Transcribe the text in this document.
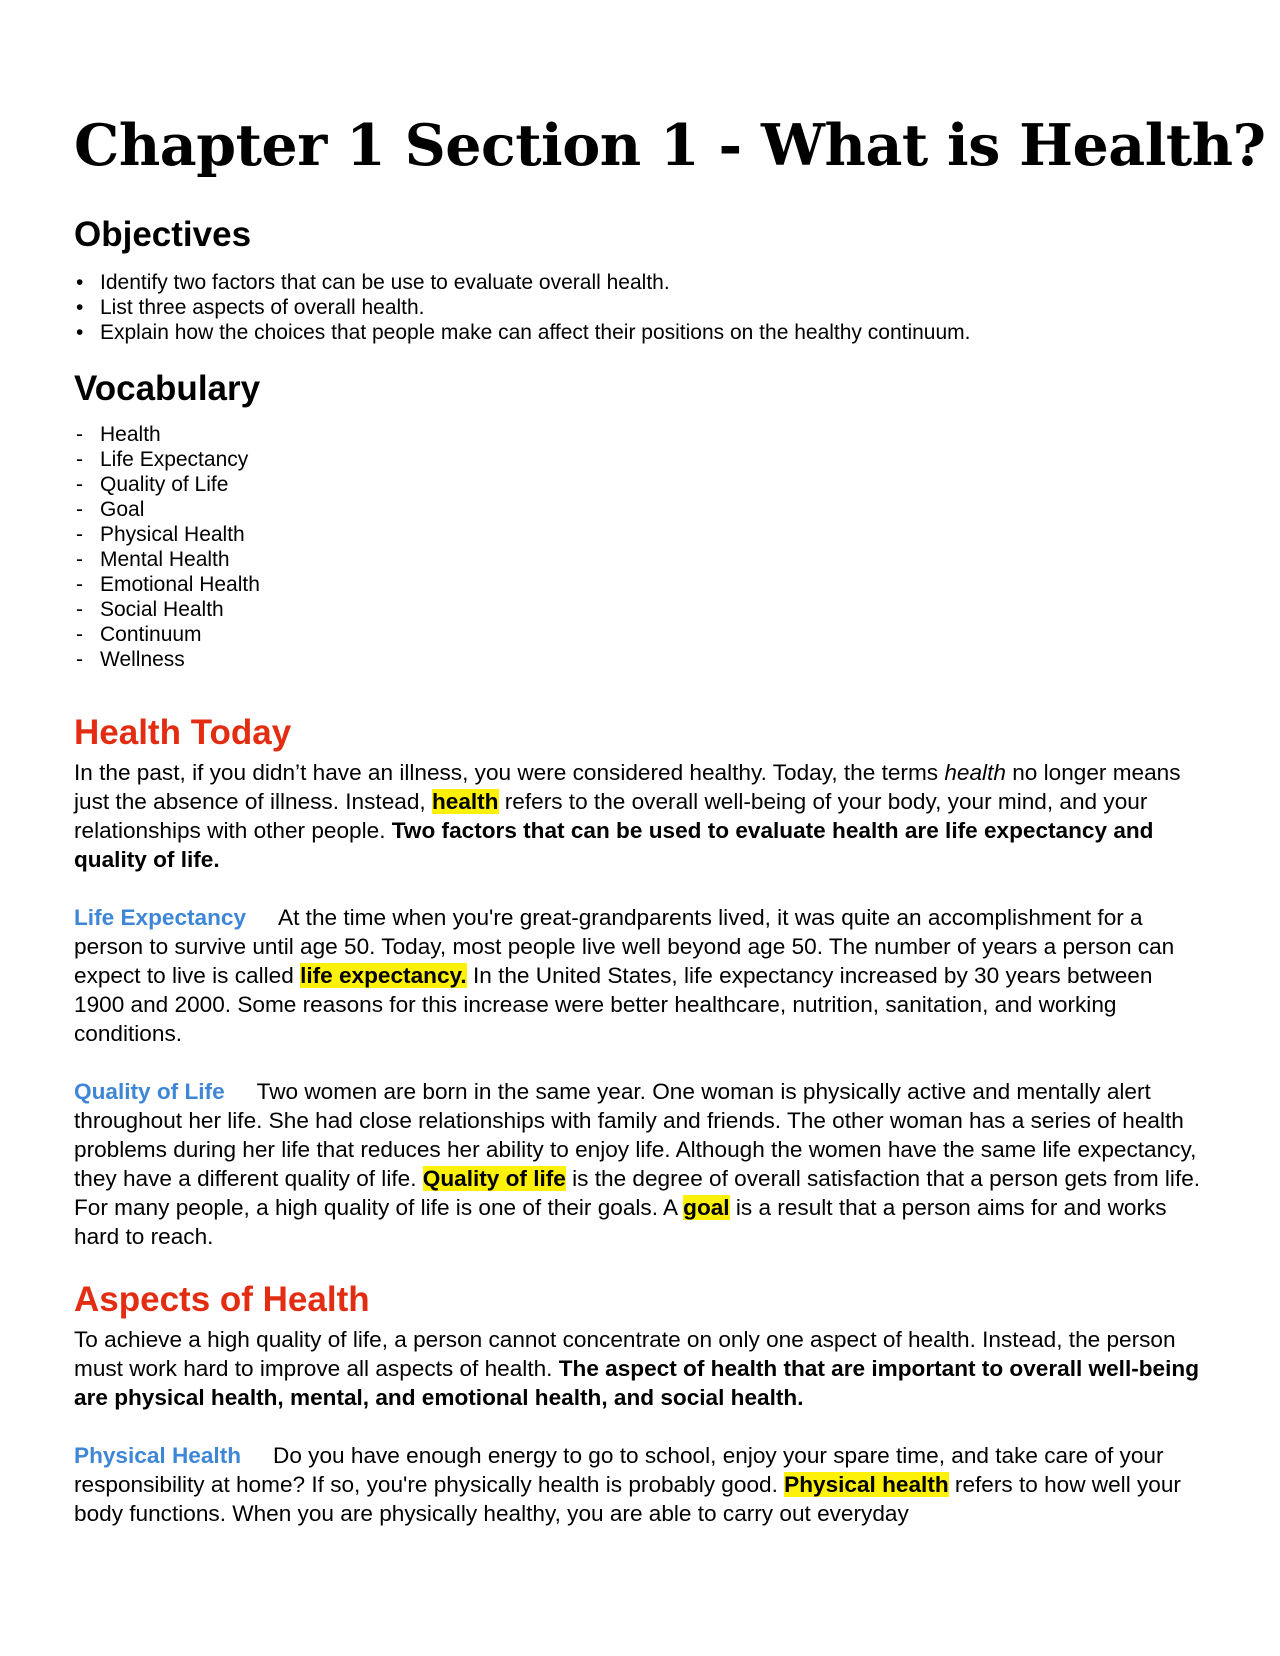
Chapter 1 Section 1 - What is Health?
Objectives
• Identify two factors that can be use to evaluate overall health.
• List three aspects of overall health.
• Explain how the choices that people make can affect their positions on the healthy continuum.
Vocabulary
- Health
- Life Expectancy
- Quality of Life
- Goal
- Physical Health
- Mental Health
- Emotional Health
- Social Health
- Continuum
- Wellness
Health Today

In the past, if you didn’t have an illness, you were considered healthy. Today, the terms health no longer means just the absence of illness. Instead, health refers to the overall well-being of your body, your mind, and your relationships with other people. Two factors that can be used to evaluate health are life expectancy and quality of life.

Life Expectancy At the time when you're great-grandparents lived, it was quite an accomplishment for a person to survive until age 50. Today, most people live well beyond age 50. The number of years a person can expect to live is called life expectancy. In the United States, life expectancy increased by 30 years between 1900 and 2000. Some reasons for this increase were better healthcare, nutrition, sanitation, and working conditions.

Quality of Life Two women are born in the same year. One woman is physically active and mentally alert throughout her life. She had close relationships with family and friends. The other woman has a series of health problems during her life that reduces her ability to enjoy life. Although the women have the same life expectancy, they have a different quality of life. Quality of life is the degree of overall satisfaction that a person gets from life. For many people, a high quality of life is one of their goals. A goal is a result that a person aims for and works hard to reach.

Aspects of Health

To achieve a high quality of life, a person cannot concentrate on only one aspect of health. Instead, the person must work hard to improve all aspects of health. The aspect of health that are important to overall well-being are physical health, mental, and emotional health, and social health.

Physical Health Do you have enough energy to go to school, enjoy your spare time, and take care of your responsibility at home? If so, you're physically health is probably good. Physical health refers to how well your body functions. When you are physically healthy, you are able to carry out everyday
